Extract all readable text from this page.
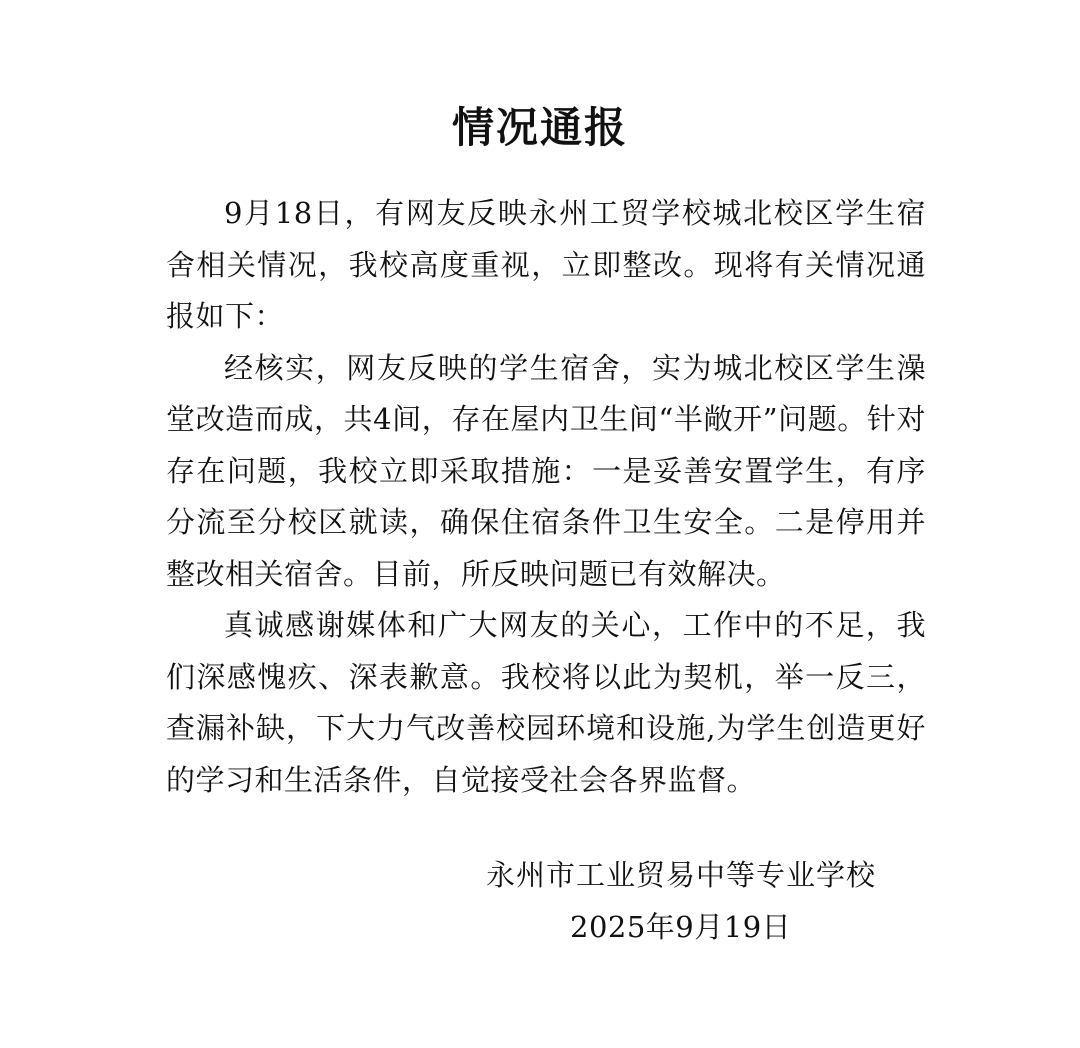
情况通报

9月18日，有网友反映永州工贸学校城北校区学生宿舍相关情况，我校高度重视，立即整改。现将有关情况通报如下：

经核实，网友反映的学生宿舍，实为城北校区学生澡堂改造而成，共4间，存在屋内卫生间“半敞开”问题。针对存在问题，我校立即采取措施：一是妥善安置学生，有序分流至分校区就读，确保住宿条件卫生安全。二是停用并整改相关宿舍。目前，所反映问题已有效解决。

真诚感谢媒体和广大网友的关心，工作中的不足，我们深感愧疚、深表歉意。我校将以此为契机，举一反三，查漏补缺，下大力气改善校园环境和设施,为学生创造更好的学习和生活条件，自觉接受社会各界监督。

永州市工业贸易中等专业学校
2025年9月19日
